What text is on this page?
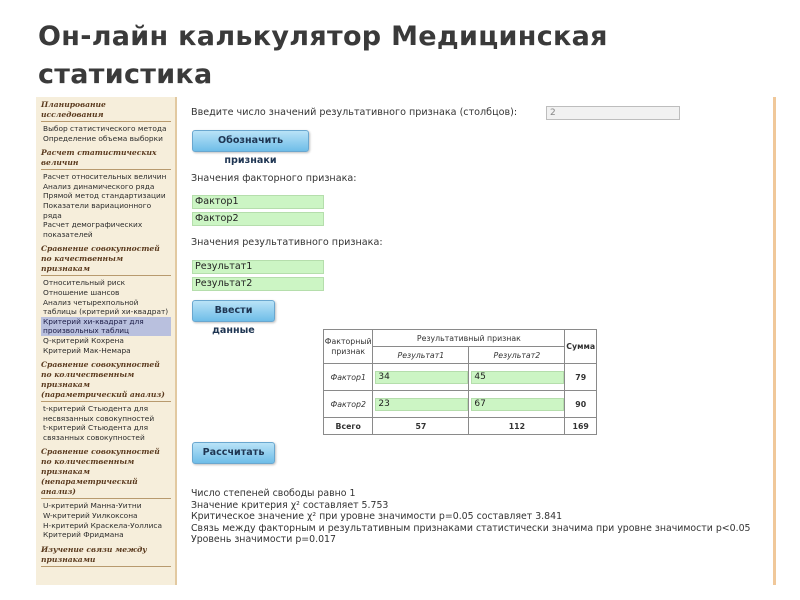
Он-лайн калькулятор Медицинская статистика
Планирование исследования
Выбор статистического метода
Определение объема выборки
Расчет статистических величин
Расчет относительных величин
Анализ динамического ряда
Прямой метод стандартизации
Показатели вариационного ряда
Расчет демографических показателей
Сравнение совокупностей по качественным признакам
Относительный риск
Отношение шансов
Анализ четырехпольной таблицы (критерий хи-квадрат)
Критерий хи-квадрат для произвольных таблиц
Q-критерий Кохрена
Критерий Мак-Немара
Сравнение совокупностей по количественным признакам (параметрический анализ)
t-критерий Стьюдента для несвязанных совокупностей
t-критерий Стьюдента для связанных совокупностей
Сравнение совокупностей по количественным признакам (непараметрический анализ)
U-критерий Манна-Уитни
W-критерий Уилкоксона
H-критерий Краскела-Уоллиса
Критерий Фридмана
Изучение связи между признаками
Введите число значений результативного признака (столбцов):	2
Обозначить признаки
Значения факторного признака:
Фактор1
Фактор2
Значения результативного признака:
Результат1
Результат2
Ввести данные
Факторный признак	Результативный признак		Сумма
	Результат1	Результат2	
Фактор1	34	45	79
Фактор2	23	67	90
Всего	57	112	169
Рассчитать
Число степеней свободы равно 1
Значение критерия χ² составляет 5.753
Критическое значение χ² при уровне значимости p=0.05 составляет 3.841
Связь между факторным и результативным признаками статистически значима при уровне значимости p<0.05
Уровень значимости p=0.017
